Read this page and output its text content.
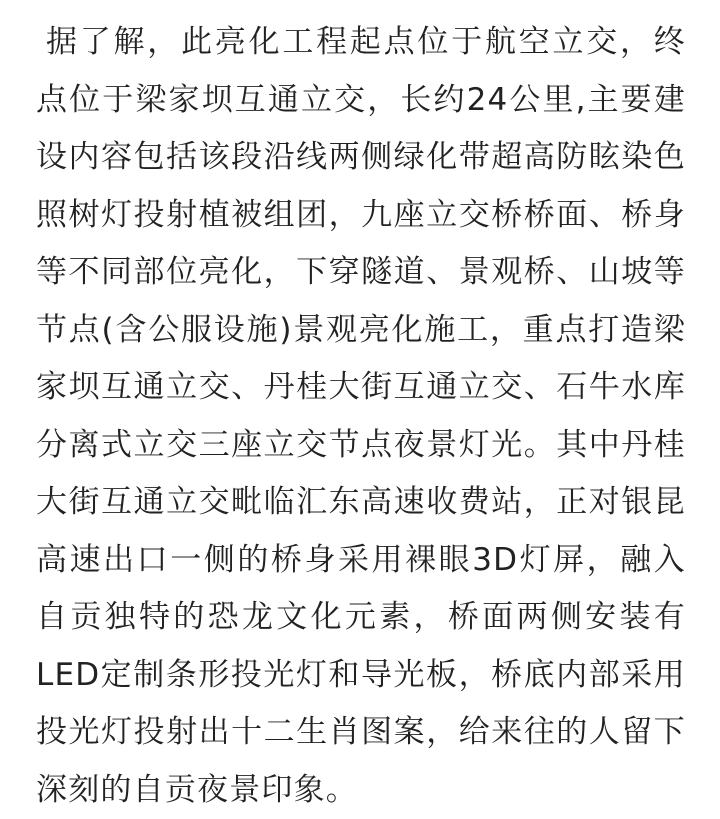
据了解，此亮化工程起点位于航空立交，终
点位于梁家坝互通立交，长约24公里,主要建
设内容包括该段沿线两侧绿化带超高防眩染色
照树灯投射植被组团，九座立交桥桥面、桥身
等不同部位亮化，下穿隧道、景观桥、山坡等
节点(含公服设施)景观亮化施工，重点打造梁
家坝互通立交、丹桂大街互通立交、石牛水库
分离式立交三座立交节点夜景灯光。其中丹桂
大街互通立交毗临汇东高速收费站，正对银昆
高速出口一侧的桥身采用裸眼3D灯屏，融入
自贡独特的恐龙文化元素，桥面两侧安装有
LED定制条形投光灯和导光板，桥底内部采用
投光灯投射出十二生肖图案，给来往的人留下
深刻的自贡夜景印象。
